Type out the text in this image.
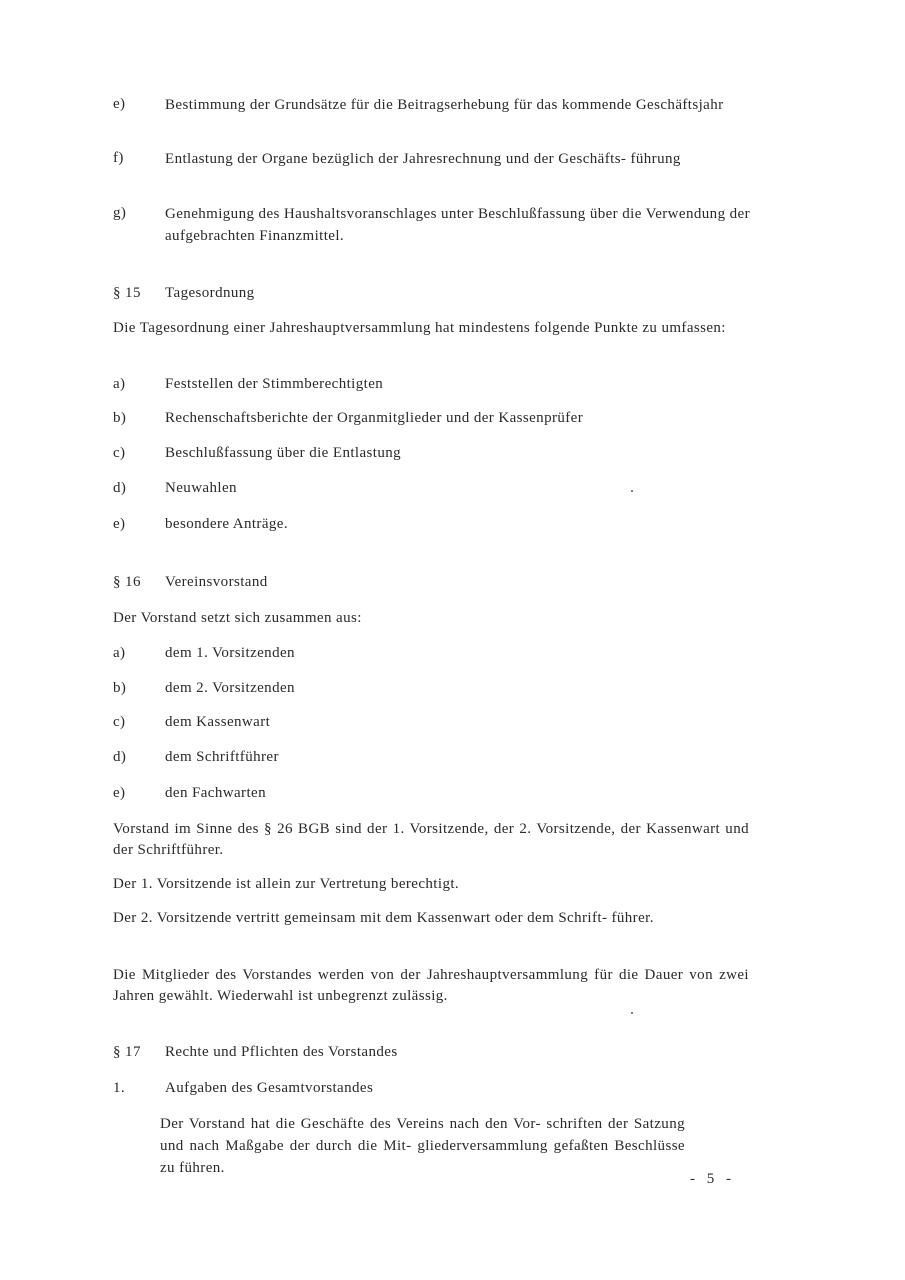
e)	Bestimmung der Grundsätze für die Beitragserhebung für das kommende Geschäftsjahr
f)	Entlastung der Organe bezüglich der Jahresrechnung und der Geschäfts- führung
g)	Genehmigung des Haushaltsvoranschlages unter Beschlußfassung über die Verwendung der aufgebrachten Finanzmittel.
§ 15 Tagesordnung
Die Tagesordnung einer Jahreshauptversammlung hat mindestens folgende Punkte zu umfassen:
a)	Feststellen der Stimmberechtigten
b)	Rechenschaftsberichte der Organmitglieder und der Kassenprüfer
c)	Beschlußfassung über die Entlastung
d)	Neuwahlen
e)	besondere Anträge.
§ 16 Vereinsvorstand
Der Vorstand setzt sich zusammen aus:
a)	dem 1. Vorsitzenden
b)	dem 2. Vorsitzenden
c)	dem Kassenwart
d)	dem Schriftführer
e)	den Fachwarten
Vorstand im Sinne des § 26 BGB sind der 1. Vorsitzende, der 2. Vorsitzende, der Kassenwart und der Schriftführer.
Der 1. Vorsitzende ist allein zur Vertretung berechtigt.
Der 2. Vorsitzende vertritt gemeinsam mit dem Kassenwart oder dem Schrift- führer.
Die Mitglieder des Vorstandes werden von der Jahreshauptversammlung für die Dauer von zwei Jahren gewählt. Wiederwahl ist unbegrenzt zulässig.
§ 17 Rechte und Pflichten des Vorstandes
1.	Aufgaben des Gesamtvorstandes
Der Vorstand hat die Geschäfte des Vereins nach den Vor- schriften der Satzung und nach Maßgabe der durch die Mit- gliederversammlung gefaßten Beschlüsse zu führen.
- 5 -
